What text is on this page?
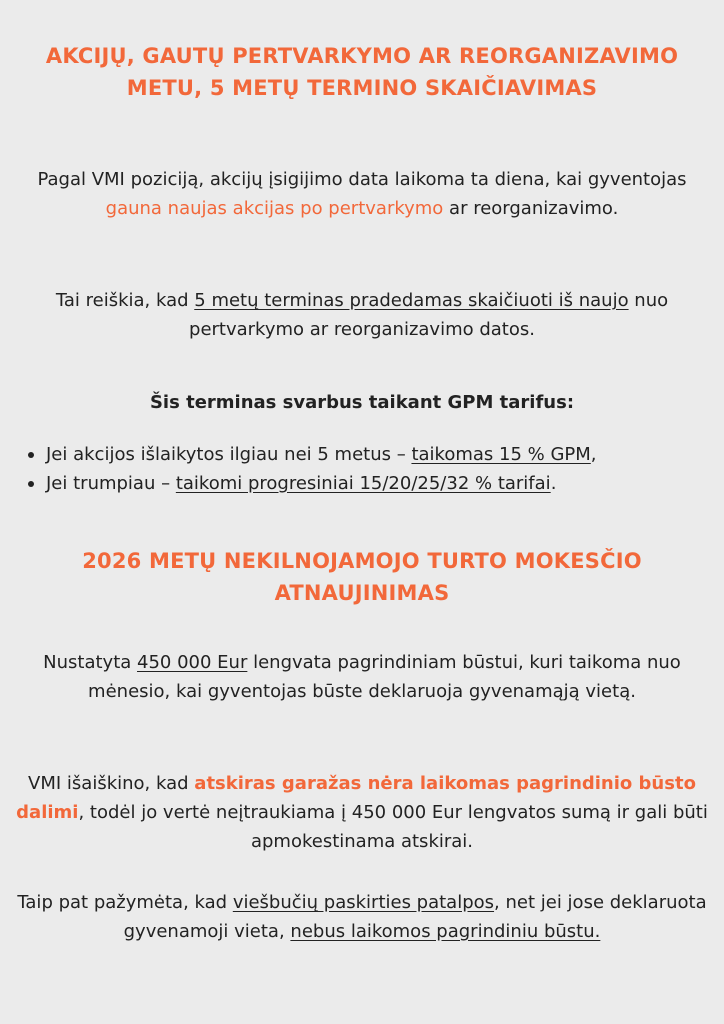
AKCIJŲ, GAUTŲ PERTVARKYMO AR REORGANIZAVIMO METU, 5 METŲ TERMINO SKAIČIAVIMAS

Pagal VMI poziciją, akcijų įsigijimo data laikoma ta diena, kai gyventojas gauna naujas akcijas po pertvarkymo ar reorganizavimo.

Tai reiškia, kad 5 metų terminas pradedamas skaičiuoti iš naujo nuo pertvarkymo ar reorganizavimo datos.

Šis terminas svarbus taikant GPM tarifus:

Jei akcijos išlaikytos ilgiau nei 5 metus – taikomas 15 % GPM,
Jei trumpiau – taikomi progresiniai 15/20/25/32 % tarifai.
2026 METŲ NEKILNOJAMOJO TURTO MOKESČIO ATNAUJINIMAS

Nustatyta 450 000 Eur lengvata pagrindiniam būstui, kuri taikoma nuo mėnesio, kai gyventojas būste deklaruoja gyvenamąją vietą.

VMI išaiškino, kad atskiras garažas nėra laikomas pagrindinio būsto dalimi, todėl jo vertė neįtraukiama į 450 000 Eur lengvatos sumą ir gali būti apmokestinama atskirai.

Taip pat pažymėta, kad viešbučių paskirties patalpos, net jei jose deklaruota gyvenamoji vieta, nebus laikomos pagrindiniu būstu.
